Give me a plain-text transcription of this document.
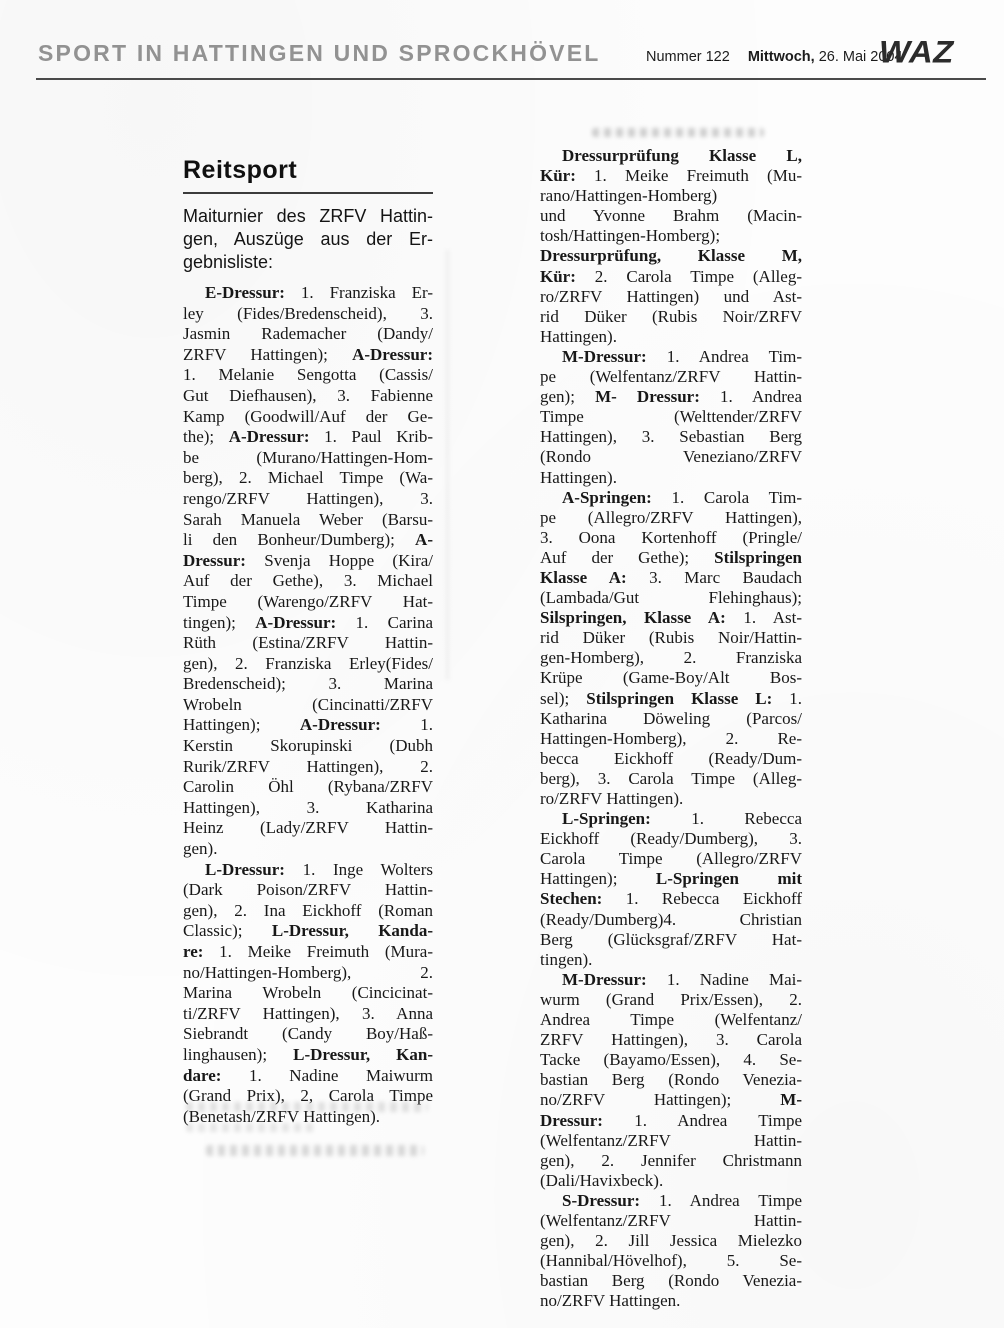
SPORT IN HATTINGEN UND SPROCKHÖVEL	Nummer 122 Mittwoch, 26. Mai 2004
WAZ
Reitsport
Maiturnier des ZRFV Hattin-
gen, Auszüge aus der Er-
gebnisliste:
E-Dressur: 1. Franziska Er-
ley (Fides/Bredenscheid), 3.
Jasmin Rademacher (Dandy/
ZRFV Hattingen); A-Dressur:
1. Melanie Sengotta (Cassis/
Gut Diefhausen), 3. Fabienne
Kamp (Goodwill/Auf der Ge-
the); A-Dressur: 1. Paul Krib-
be (Murano/Hattingen-Hom-
berg), 2. Michael Timpe (Wa-
rengo/ZRFV Hattingen), 3.
Sarah Manuela Weber (Barsu-
li den Bonheur/Dumberg); A-
Dressur: Svenja Hoppe (Kira/
Auf der Gethe), 3. Michael
Timpe (Warengo/ZRFV Hat-
tingen); A-Dressur: 1. Carina
Rüth (Estina/ZRFV Hattin-
gen), 2. Franziska Erley(Fides/
Bredenscheid); 3. Marina
Wrobeln (Cincinatti/ZRFV
Hattingen); A-Dressur: 1.
Kerstin Skorupinski (Dubh
Rurik/ZRFV Hattingen), 2.
Carolin Öhl (Rybana/ZRFV
Hattingen), 3. Katharina
Heinz (Lady/ZRFV Hattin-
gen).
L-Dressur: 1. Inge Wolters
(Dark Poison/ZRFV Hattin-
gen), 2. Ina Eickhoff (Roman
Classic); L-Dressur, Kanda-
re: 1. Meike Freimuth (Mura-
no/Hattingen-Homberg), 2.
Marina Wrobeln (Cincicinat-
ti/ZRFV Hattingen), 3. Anna
Siebrandt (Candy Boy/Haß-
linghausen); L-Dressur, Kan-
dare: 1. Nadine Maiwurm
(Grand Prix), 2, Carola Timpe
(Benetash/ZRFV Hattingen).
Dressurprüfung Klasse L,
Kür: 1. Meike Freimuth (Mu-
rano/Hattingen-Homberg)
und Yvonne Brahm (Macin-
tosh/Hattingen-Homberg);
Dressurprüfung, Klasse M,
Kür: 2. Carola Timpe (Alleg-
ro/ZRFV Hattingen) und Ast-
rid Düker (Rubis Noir/ZRFV
Hattingen).
M-Dressur: 1. Andrea Tim-
pe (Welfentanz/ZRFV Hattin-
gen); M- Dressur: 1. Andrea
Timpe (Welttender/ZRFV
Hattingen), 3. Sebastian Berg
(Rondo Veneziano/ZRFV
Hattingen).
A-Springen: 1. Carola Tim-
pe (Allegro/ZRFV Hattingen),
3. Oona Kortenhoff (Pringle/
Auf der Gethe); Stilspringen
Klasse A: 3. Marc Baudach
(Lambada/Gut Flehinghaus);
Silspringen, Klasse A: 1. Ast-
rid Düker (Rubis Noir/Hattin-
gen-Homberg), 2. Franziska
Krüpe (Game-Boy/Alt Bos-
sel); Stilspringen Klasse L: 1.
Katharina Döweling (Parcos/
Hattingen-Homberg), 2. Re-
becca Eickhoff (Ready/Dum-
berg), 3. Carola Timpe (Alleg-
ro/ZRFV Hattingen).
L-Springen: 1. Rebecca
Eickhoff (Ready/Dumberg), 3.
Carola Timpe (Allegro/ZRFV
Hattingen); L-Springen mit
Stechen: 1. Rebecca Eickhoff
(Ready/Dumberg)4. Christian
Berg (Glücksgraf/ZRFV Hat-
tingen).
M-Dressur: 1. Nadine Mai-
wurm (Grand Prix/Essen), 2.
Andrea Timpe (Welfentanz/
ZRFV Hattingen), 3. Carola
Tacke (Bayamo/Essen), 4. Se-
bastian Berg (Rondo Venezia-
no/ZRFV Hattingen); M-
Dressur: 1. Andrea Timpe
(Welfentanz/ZRFV Hattin-
gen), 2. Jennifer Christmann
(Dali/Havixbeck).
S-Dressur: 1. Andrea Timpe
(Welfentanz/ZRFV Hattin-
gen), 2. Jill Jessica Mielezko
(Hannibal/Hövelhof), 5. Se-
bastian Berg (Rondo Venezia-
no/ZRFV Hattingen.
